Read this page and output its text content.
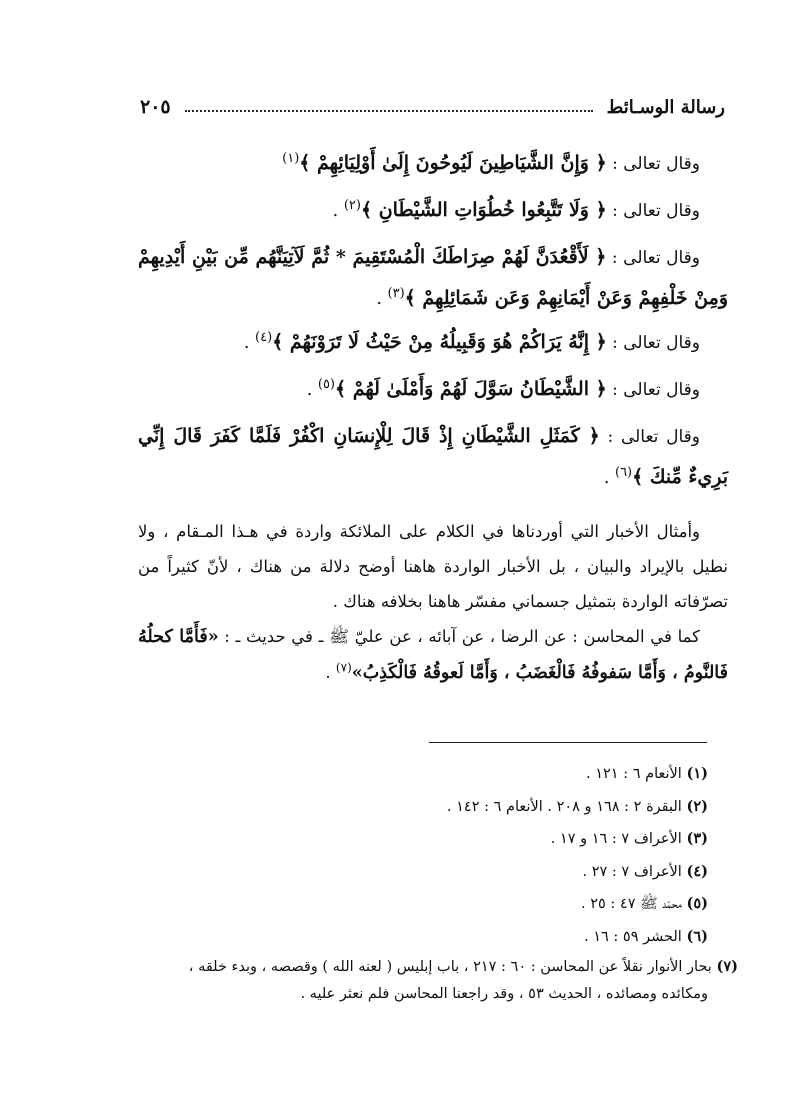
رسالة الوسـائط
٢٠٥

وقال تعالى : ﴿ وَإِنَّ الشَّيَاطِينَ لَيُوحُونَ إِلَىٰ أَوْلِيَائِهِمْ ﴾$^{(١)}$

وقال تعالى : ﴿ وَلَا تَتَّبِعُوا خُطُوَاتِ الشَّيْطَانِ ﴾$^{(٢)}$ .

وقال تعالى : ﴿ لَأَقْعُدَنَّ لَهُمْ صِرَاطَكَ الْمُسْتَقِيمَ * ثُمَّ لَآتِيَنَّهُم مِّن بَيْنِ أَيْدِيهِمْ وَمِنْ خَلْفِهِمْ وَعَنْ أَيْمَانِهِمْ وَعَن شَمَائِلِهِمْ ﴾$^{(٣)}$ .

وقال تعالى : ﴿ إِنَّهُ يَرَاكُمْ هُوَ وَقَبِيلُهُ مِنْ حَيْثُ لَا تَرَوْنَهُمْ ﴾$^{(٤)}$ .

وقال تعالى : ﴿ الشَّيْطَانُ سَوَّلَ لَهُمْ وَأَمْلَىٰ لَهُمْ ﴾$^{(٥)}$ .

وقال تعالى : ﴿ كَمَثَلِ الشَّيْطَانِ إِذْ قَالَ لِلْإِنسَانِ اكْفُرْ فَلَمَّا كَفَرَ قَالَ إِنِّي بَرِيءٌ مِّنكَ ﴾$^{(٦)}$ .

وأمثال الأخبار التي أوردناها في الكلام على الملائكة واردة في هـذا المـقام ، ولا نطيل بالإيراد والبيان ، بل الأخبار الواردة هاهنا أوضح دلالة من هناك ، لأنّ كثيراً من تصرّفاته الواردة بتمثيل جسماني مفسّر هاهنا بخلافه هناك .

كما في المحاسن : عن الرضا ، عن آبائه ، عن عليّ ﷺ ـ في حديث ـ : «فَأَمَّا كحلُهُ فَالنَّومُ ، وَأَمَّا سَفوفُهُ فَالْغَضَبُ ، وَأَمَّا لَعوقُهُ فَالْكَذِبُ»$^{(٧)}$ .

(١) الأنعام ٦ : ١٢١ .

(٢) البقرة ٢ : ١٦٨ و ٢٠٨ . الأنعام ٦ : ١٤٢ .

(٣) الأعراف ٧ : ١٦ و ١٧ .

(٤) الأعراف ٧ : ٢٧ .

(٥) محمّد ﷺ ٤٧ : ٢٥ .

(٦) الحشر ٥٩ : ١٦ .

(٧) بحار الأنوار نقلاً عن المحاسن : ٦٠ : ٢١٧ ، باب إبليس ( لعنه الله ) وقصصه ، وبدء خلقه ،
ومكائده ومصائده ، الحديث ٥٣ ، وقد راجعنا المحاسن فلم نعثر عليه .
